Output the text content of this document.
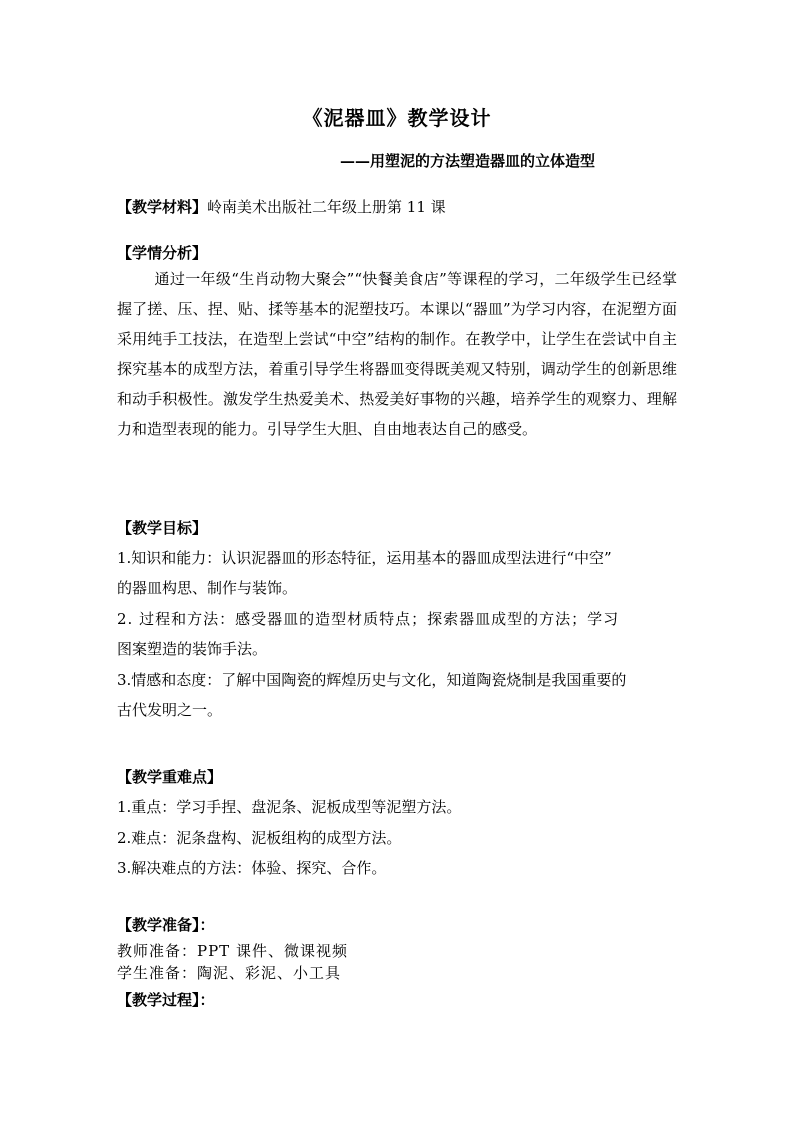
《泥器皿》教学设计
——用塑泥的方法塑造器皿的立体造型
【教学材料】岭南美术出版社二年级上册第 11 课
【学情分析】

通过一年级“生肖动物大聚会”“快餐美食店”等课程的学习，二年级学生已经掌握了搓、压、捏、贴、揉等基本的泥塑技巧。本课以“器皿”为学习内容，在泥塑方面采用纯手工技法，在造型上尝试“中空”结构的制作。在教学中，让学生在尝试中自主探究基本的成型方法，着重引导学生将器皿变得既美观又特别，调动学生的创新思维和动手积极性。激发学生热爱美术、热爱美好事物的兴趣，培养学生的观察力、理解力和造型表现的能力。引导学生大胆、自由地表达自己的感受。

【教学目标】
1.知识和能力：认识泥器皿的形态特征，运用基本的器皿成型法进行“中空”
的器皿构思、制作与装饰。
2. 过程和方法：感受器皿的造型材质特点；探索器皿成型的方法；学习
图案塑造的装饰手法。
3.情感和态度：了解中国陶瓷的辉煌历史与文化，知道陶瓷烧制是我国重要的
古代发明之一。
【教学重难点】
1.重点：学习手捏、盘泥条、泥板成型等泥塑方法。
2.难点：泥条盘构、泥板组构的成型方法。
3.解决难点的方法：体验、探究、合作。
【教学准备】：
教师准备：PPT 课件、微课视频
学生准备：陶泥、彩泥、小工具
【教学过程】：
